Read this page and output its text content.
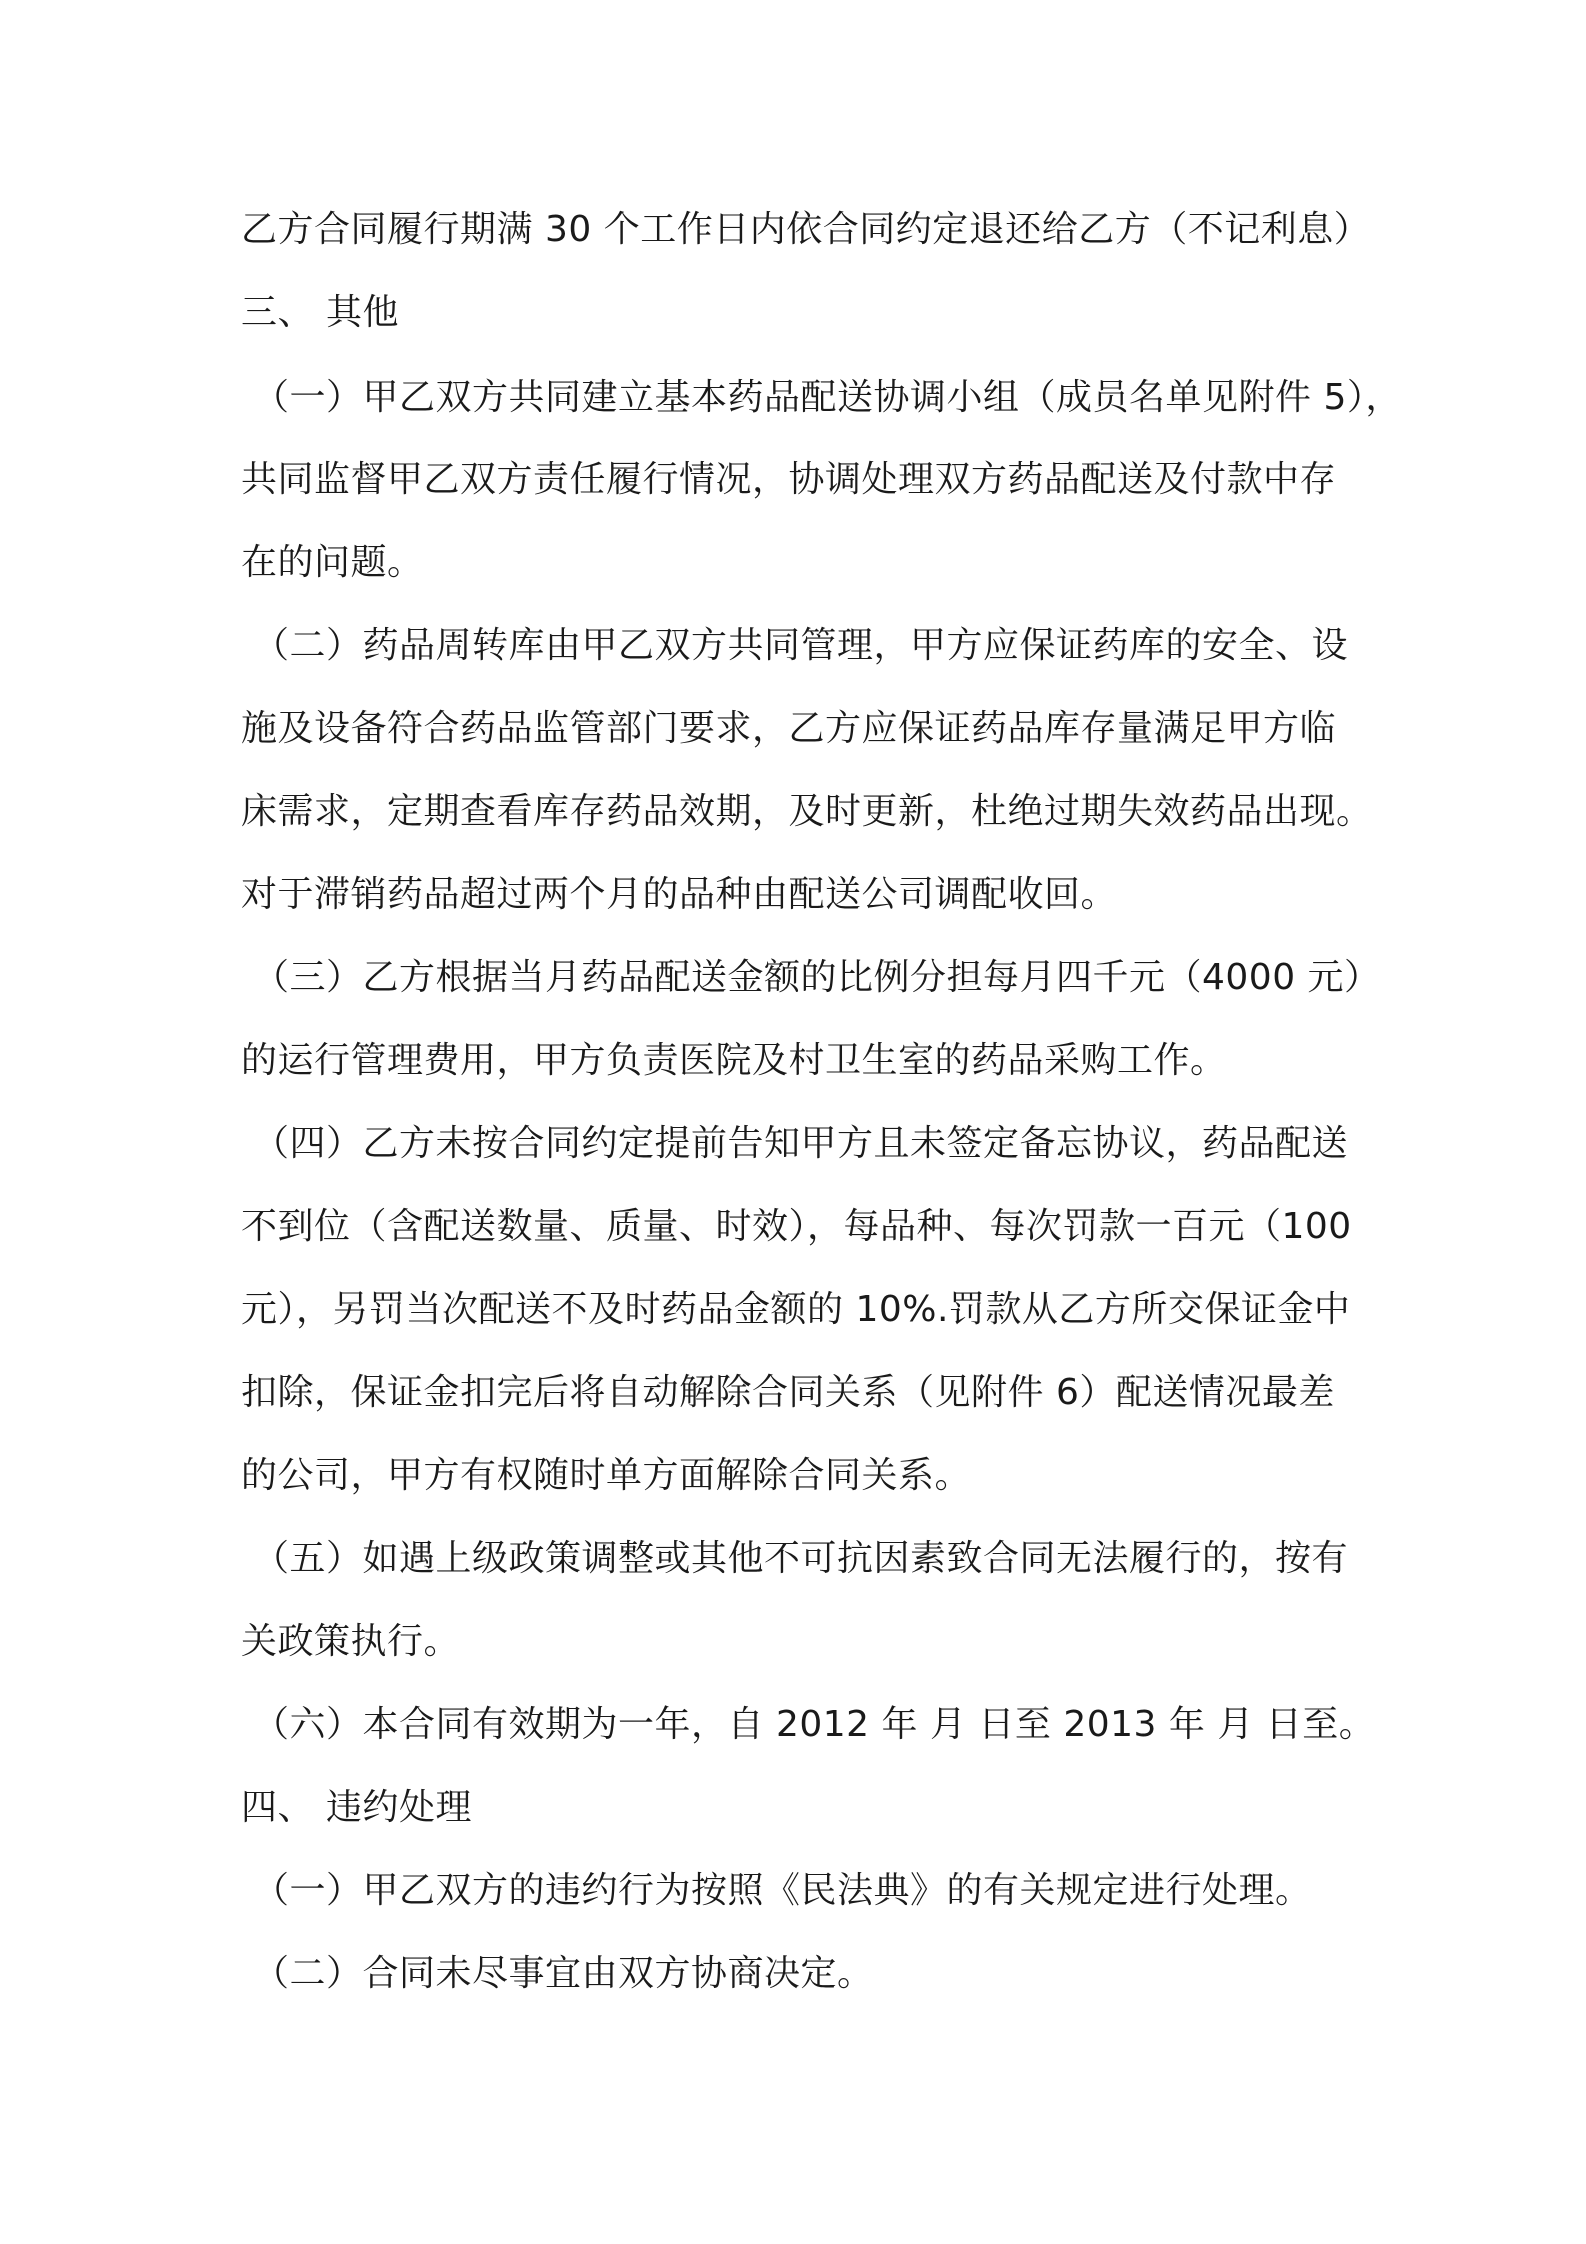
乙方合同履行期满 30 个工作日内依合同约定退还给乙方（不记利息）
三、 其他
（一）甲乙双方共同建立基本药品配送协调小组（成员名单见附件 5），
共同监督甲乙双方责任履行情况，协调处理双方药品配送及付款中存
在的问题。
（二）药品周转库由甲乙双方共同管理，甲方应保证药库的安全、设
施及设备符合药品监管部门要求，乙方应保证药品库存量满足甲方临
床需求，定期查看库存药品效期，及时更新，杜绝过期失效药品出现。
对于滞销药品超过两个月的品种由配送公司调配收回。
（三）乙方根据当月药品配送金额的比例分担每月四千元（4000 元）
的运行管理费用，甲方负责医院及村卫生室的药品采购工作。
（四）乙方未按合同约定提前告知甲方且未签定备忘协议，药品配送
不到位（含配送数量、质量、时效），每品种、每次罚款一百元（100
元），另罚当次配送不及时药品金额的 10%.罚款从乙方所交保证金中
扣除，保证金扣完后将自动解除合同关系（见附件 6）配送情况最差
的公司，甲方有权随时单方面解除合同关系。
（五）如遇上级政策调整或其他不可抗因素致合同无法履行的，按有
关政策执行。
（六）本合同有效期为一年，自 2012 年 月 日至 2013 年 月 日至。
四、 违约处理
（一）甲乙双方的违约行为按照《民法典》的有关规定进行处理。
（二）合同未尽事宜由双方协商决定。
